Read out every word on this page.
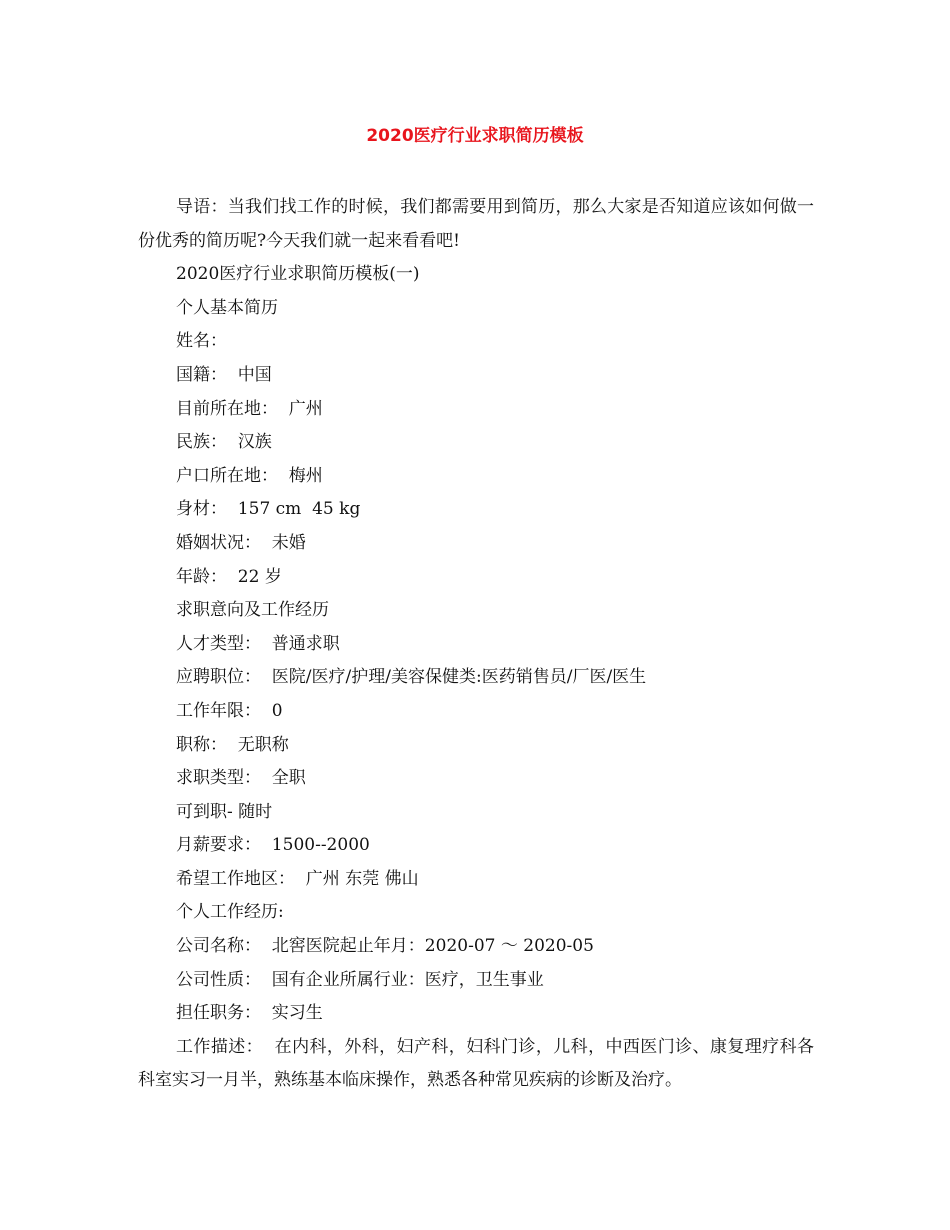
2020医疗行业求职简历模板

导语：当我们找工作的时候，我们都需要用到简历，那么大家是否知道应该如何做一份优秀的简历呢?今天我们就一起来看看吧!

2020医疗行业求职简历模板(一)

个人基本简历

姓名：

国籍：  中国

目前所在地：  广州

民族：  汉族

户口所在地：  梅州

身材：  157 cm  45 kg

婚姻状况：  未婚

年龄：  22 岁

求职意向及工作经历

人才类型：  普通求职

应聘职位：  医院/医疗/护理/美容保健类:医药销售员/厂医/医生

工作年限：  0

职称：  无职称

求职类型：  全职

可到职- 随时

月薪要求：  1500--2000

希望工作地区：  广州 东莞 佛山

个人工作经历:

公司名称：  北窖医院起止年月：2020-07 ～ 2020-05

公司性质：  国有企业所属行业：医疗，卫生事业

担任职务：  实习生

工作描述：  在内科，外科，妇产科，妇科门诊，儿科，中西医门诊、康复理疗科各科室实习一月半，熟练基本临床操作，熟悉各种常见疾病的诊断及治疗。
